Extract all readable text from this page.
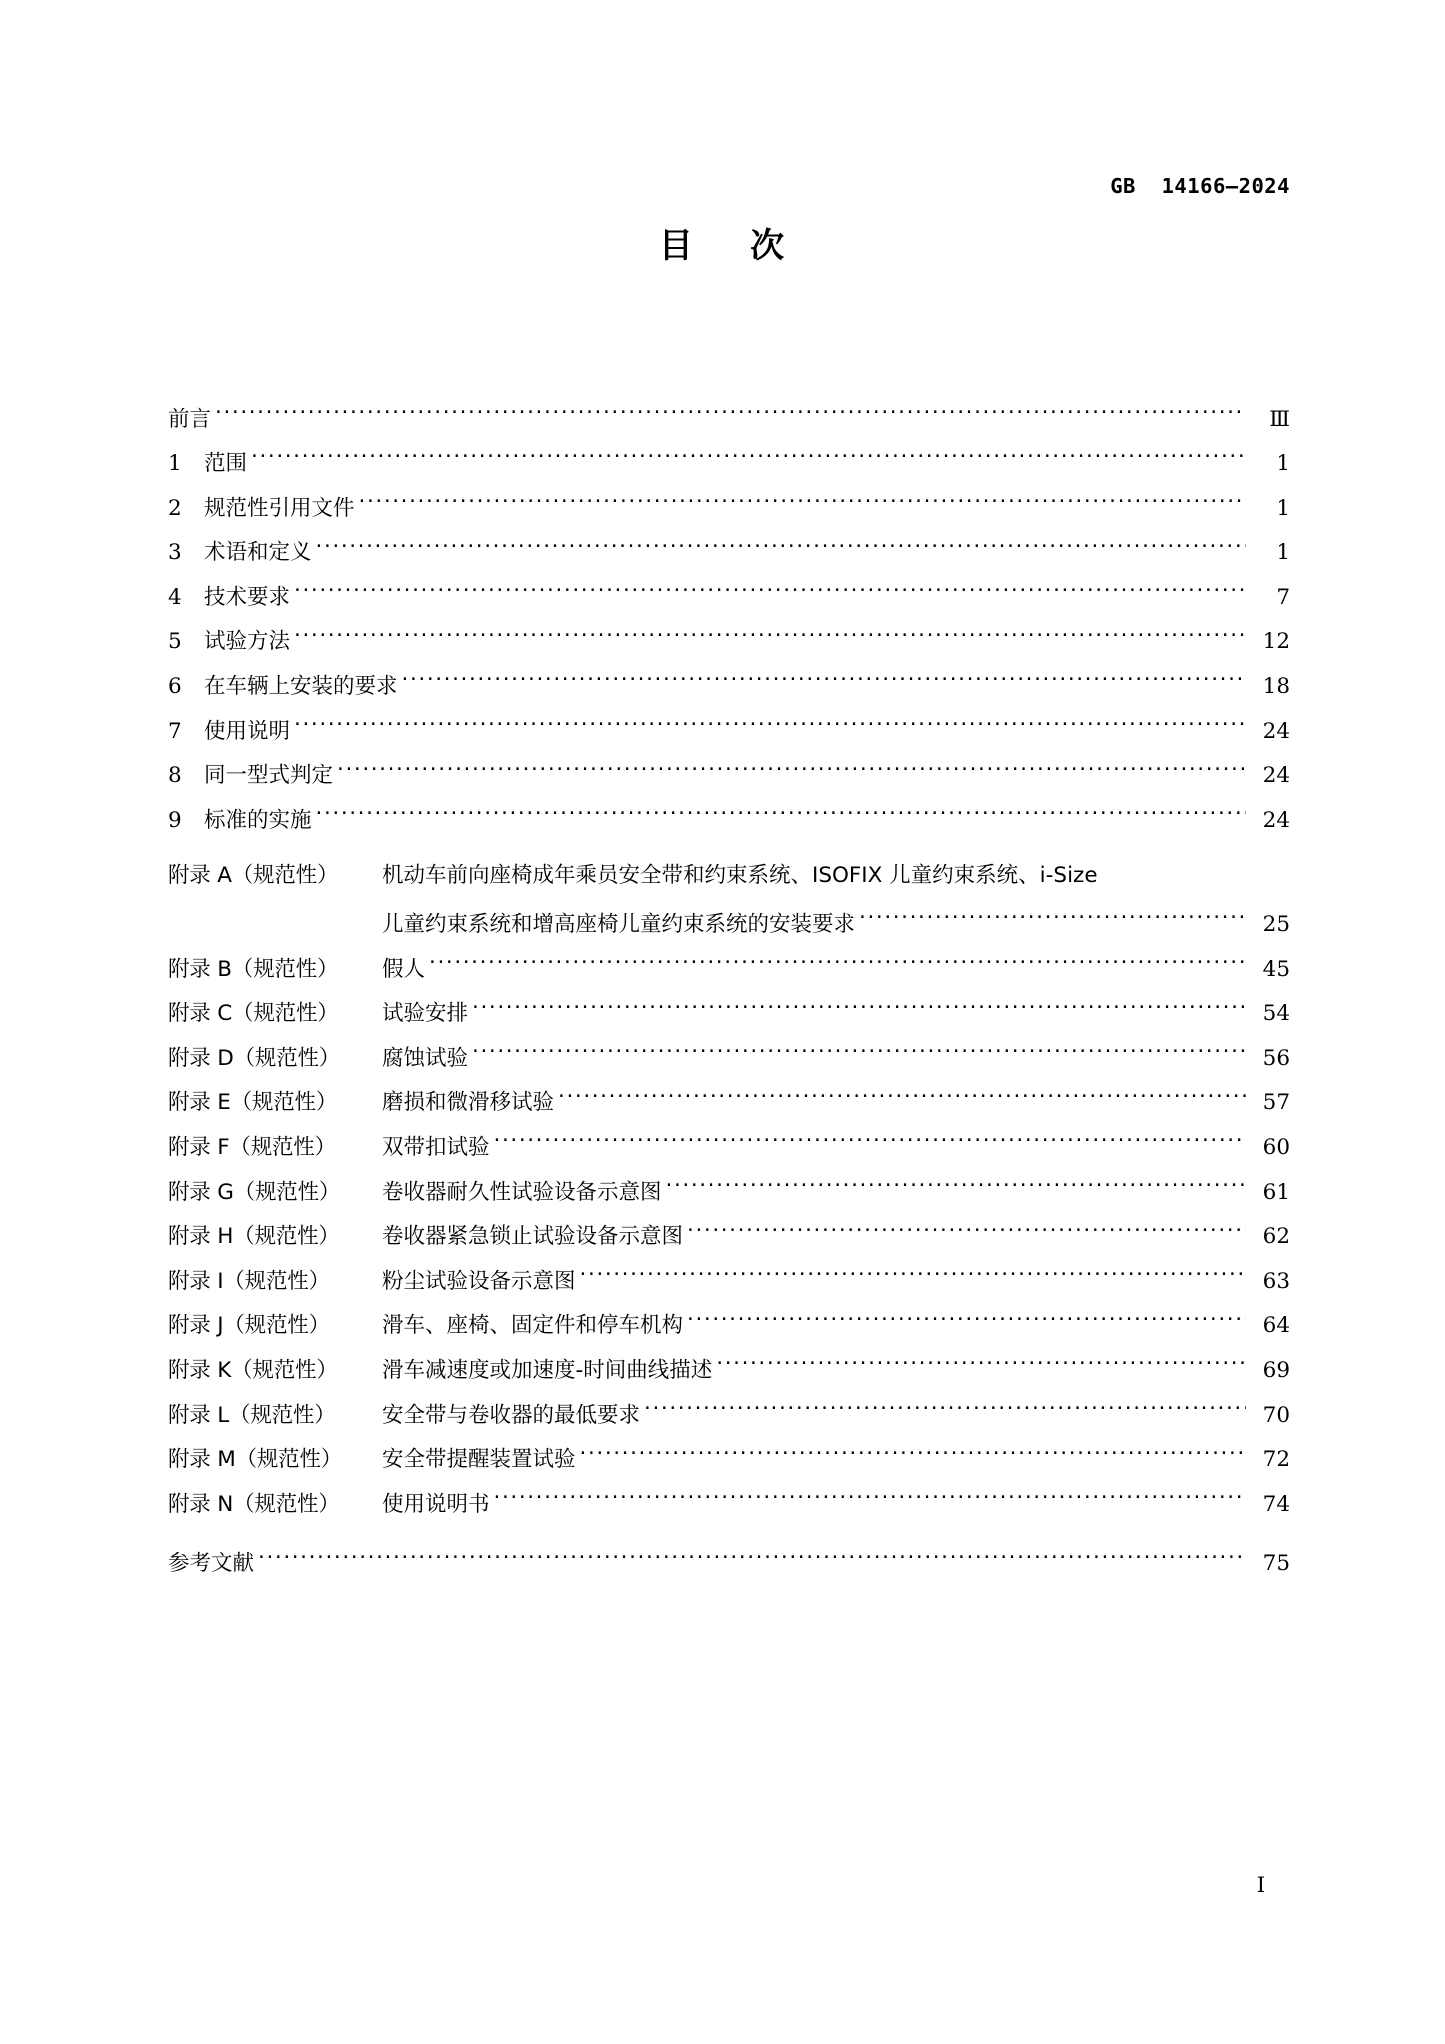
GB  14166—2024
目    次
前言 ·····	Ⅲ
1	范围 ·····	1
2	规范性引用文件 ·····	1
3	术语和定义 ·····	1
4	技术要求 ·····	7
5	试验方法 ·····	12
6	在车辆上安装的要求 ·····	18
7	使用说明 ·····	24
8	同一型式判定 ·····	24
9	标准的实施 ·····	24
附录 A（规范性）	机动车前向座椅成年乘员安全带和约束系统、ISOFIX 儿童约束系统、i-Size
儿童约束系统和增高座椅儿童约束系统的安装要求 ·····	25
附录 B（规范性）	假人 ·····	45
附录 C（规范性）	试验安排 ·····	54
附录 D（规范性）	腐蚀试验 ·····	56
附录 E（规范性）	磨损和微滑移试验 ·····	57
附录 F（规范性）	双带扣试验 ·····	60
附录 G（规范性）	卷收器耐久性试验设备示意图 ·····	61
附录 H（规范性）	卷收器紧急锁止试验设备示意图 ·····	62
附录 I（规范性）	粉尘试验设备示意图 ·····	63
附录 J（规范性）	滑车、座椅、固定件和停车机构 ·····	64
附录 K（规范性）	滑车减速度或加速度-时间曲线描述 ·····	69
附录 L（规范性）	安全带与卷收器的最低要求 ·····	70
附录 M（规范性）	安全带提醒装置试验 ·····	72
附录 N（规范性）	使用说明书 ·····	74
参考文献 ·····	75
I
